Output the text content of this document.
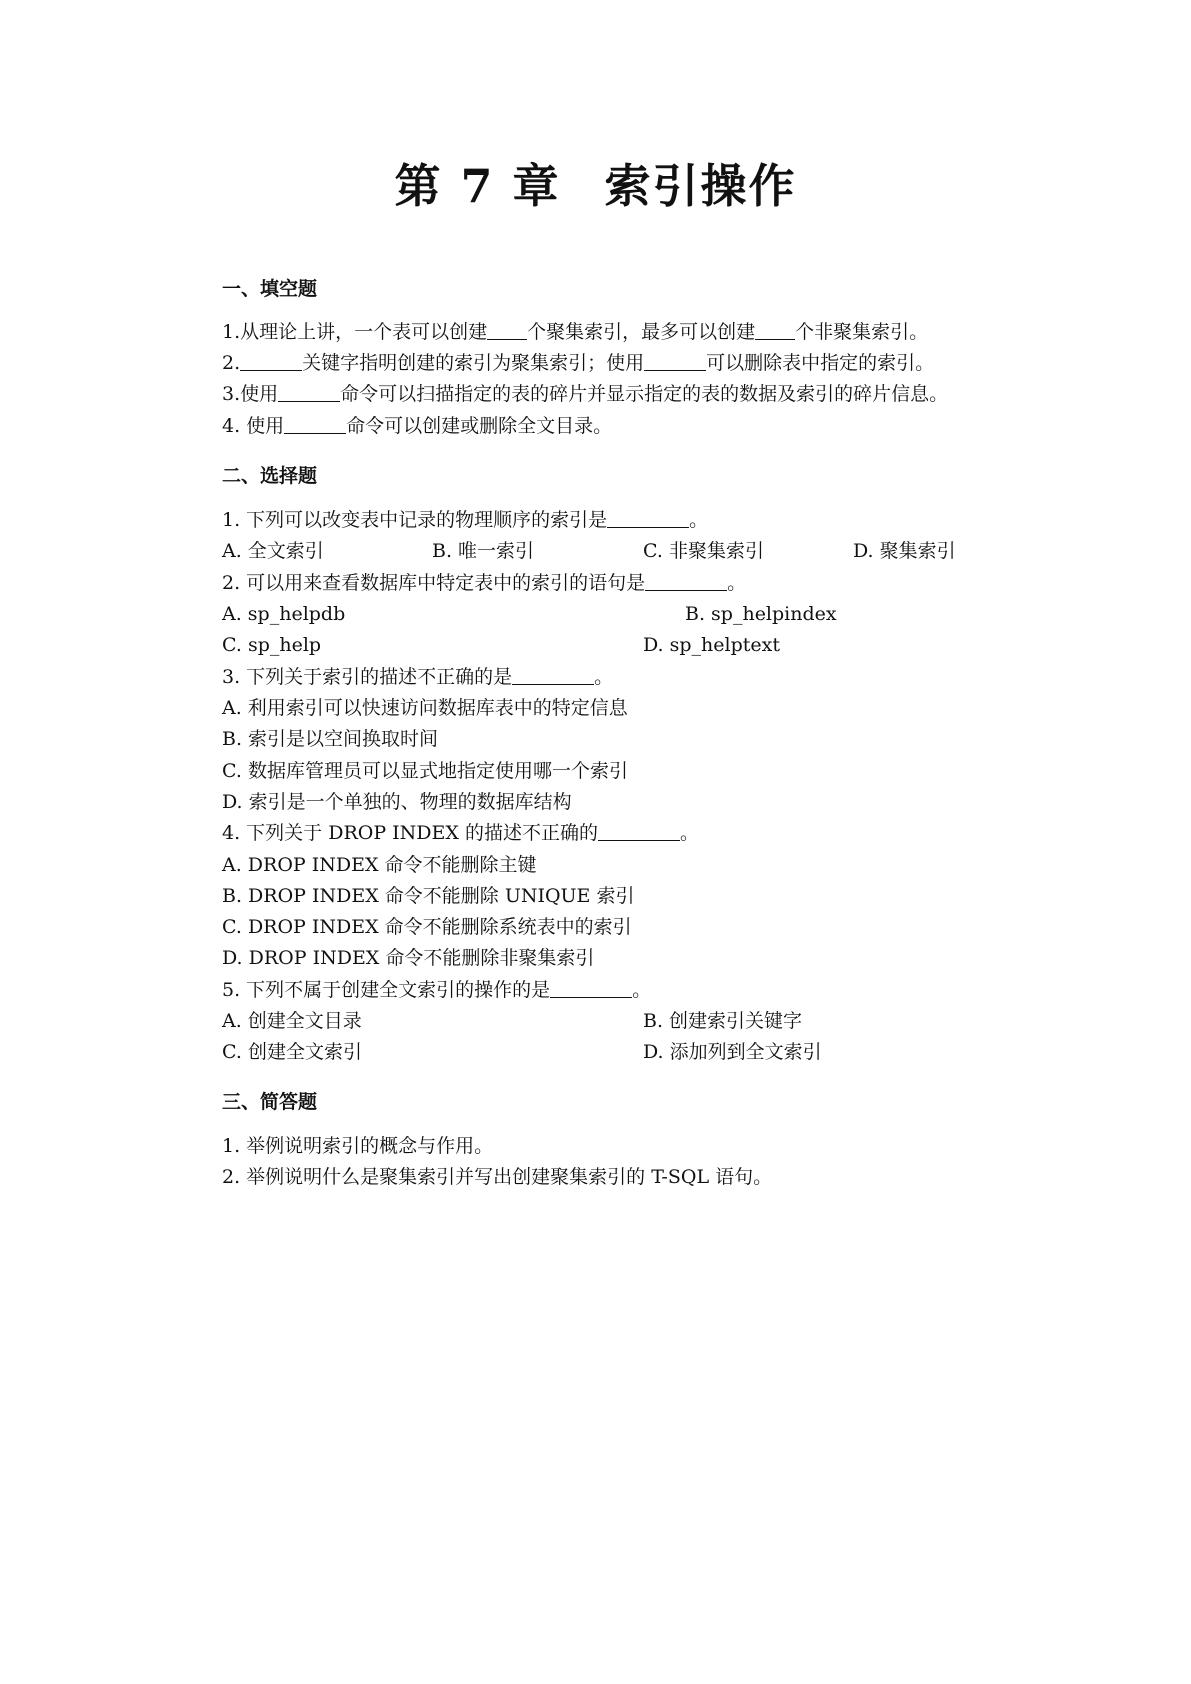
第 7 章 索引操作
一、填空题
1.从理论上讲，一个表可以创建 个聚集索引，最多可以创建 个非聚集索引。
2.	关键字指明创建的索引为聚集索引；使用	可以删除表中指定的索引。
3.使用	命令可以扫描指定的表的碎片并显示指定的表的数据及索引的碎片信息。
4. 使用	命令可以创建或删除全文目录。
二、选择题
1. 下列可以改变表中记录的物理顺序的索引是	。
A. 全文索引	B. 唯一索引	C. 非聚集索引	D. 聚集索引
2. 可以用来查看数据库中特定表中的索引的语句是	。
A. sp_helpdb	B. sp_helpindex
C. sp_help	D. sp_helptext
3. 下列关于索引的描述不正确的是	。
A. 利用索引可以快速访问数据库表中的特定信息
B. 索引是以空间换取时间
C. 数据库管理员可以显式地指定使用哪一个索引
D. 索引是一个单独的、物理的数据库结构
4. 下列关于 DROP INDEX 的描述不正确的	。
A. DROP INDEX 命令不能删除主键
B. DROP INDEX 命令不能删除 UNIQUE 索引
C. DROP INDEX 命令不能删除系统表中的索引
D. DROP INDEX 命令不能删除非聚集索引
5. 下列不属于创建全文索引的操作的是	。
A. 创建全文目录	B. 创建索引关键字
C. 创建全文索引	D. 添加列到全文索引
三、简答题
1. 举例说明索引的概念与作用。
2. 举例说明什么是聚集索引并写出创建聚集索引的 T-SQL 语句。
